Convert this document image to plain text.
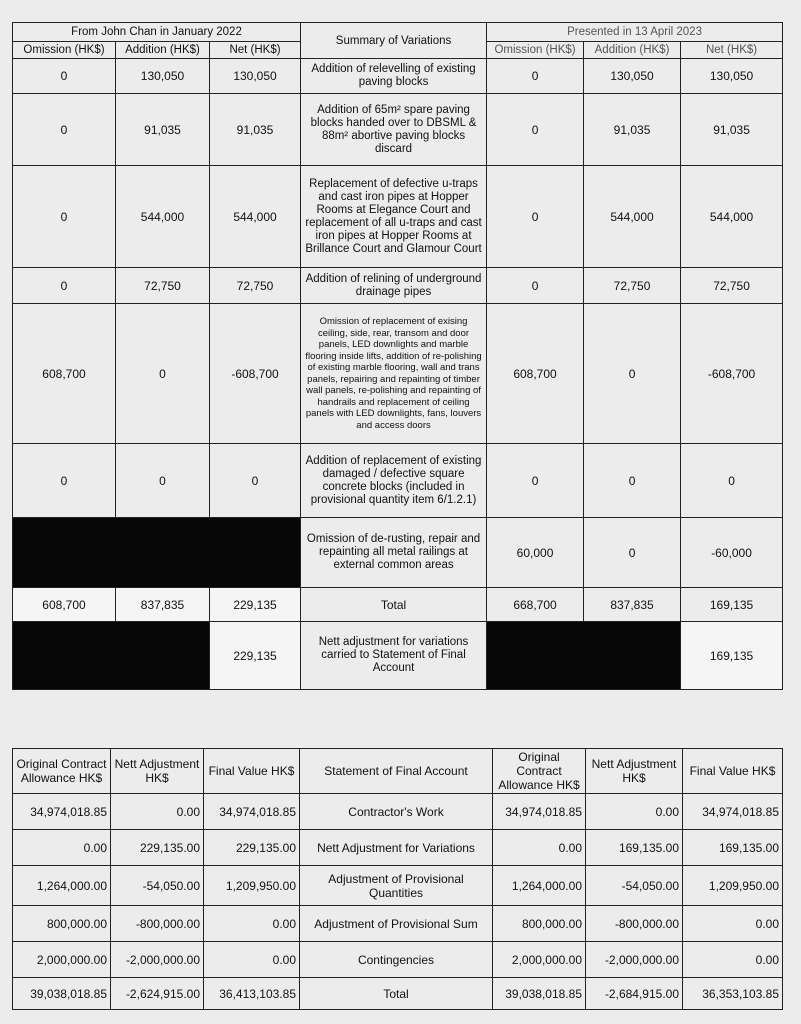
From John Chan in January 2022			Summary of Variations	Presented in 13 April 2023		
Omission (HK$)	Addition (HK$)	Net (HK$)		Omission (HK$)	Addition (HK$)	Net (HK$)
0	130,050	130,050	Addition of relevelling of existing paving blocks	0	130,050	130,050
0	91,035	91,035	Addition of 65m² spare paving blocks handed over to DBSML & 88m² abortive paving blocks discard	0	91,035	91,035
0	544,000	544,000	Replacement of defective u-traps and cast iron pipes at Hopper Rooms at Elegance Court and replacement of all u-traps and cast iron pipes at Hopper Rooms at Brillance Court and Glamour Court	0	544,000	544,000
0	72,750	72,750	Addition of relining of underground drainage pipes	0	72,750	72,750
608,700	0	-608,700	Omission of replacement of exising ceiling, side, rear, transom and door panels, LED downlights and marble flooring inside lifts, addition of re-polishing of existing marble flooring, wall and trans panels, repairing and repainting of timber wall panels, re-polishing and repainting of handrails and replacement of ceiling panels with LED downlights, fans, louvers and access doors	608,700	0	-608,700
0	0	0	Addition of replacement of existing damaged / defective square concrete blocks (included in provisional quantity item 6/1.2.1)	0	0	0
			Omission of de-rusting, repair and repainting all metal railings at external common areas	60,000	0	-60,000
608,700	837,835	229,135	Total	668,700	837,835	169,135
		229,135	Nett adjustment for variations carried to Statement of Final Account			169,135
Original Contract Allowance HK$	Nett Adjustment HK$	Final Value HK$	Statement of Final Account	Original Contract Allowance HK$	Nett Adjustment HK$	Final Value HK$
34,974,018.85	0.00	34,974,018.85	Contractor's Work	34,974,018.85	0.00	34,974,018.85
0.00	229,135.00	229,135.00	Nett Adjustment for Variations	0.00	169,135.00	169,135.00
1,264,000.00	-54,050.00	1,209,950.00	Adjustment of Provisional Quantities	1,264,000.00	-54,050.00	1,209,950.00
800,000.00	-800,000.00	0.00	Adjustment of Provisional Sum	800,000.00	-800,000.00	0.00
2,000,000.00	-2,000,000.00	0.00	Contingencies	2,000,000.00	-2,000,000.00	0.00
39,038,018.85	-2,624,915.00	36,413,103.85	Total	39,038,018.85	-2,684,915.00	36,353,103.85
